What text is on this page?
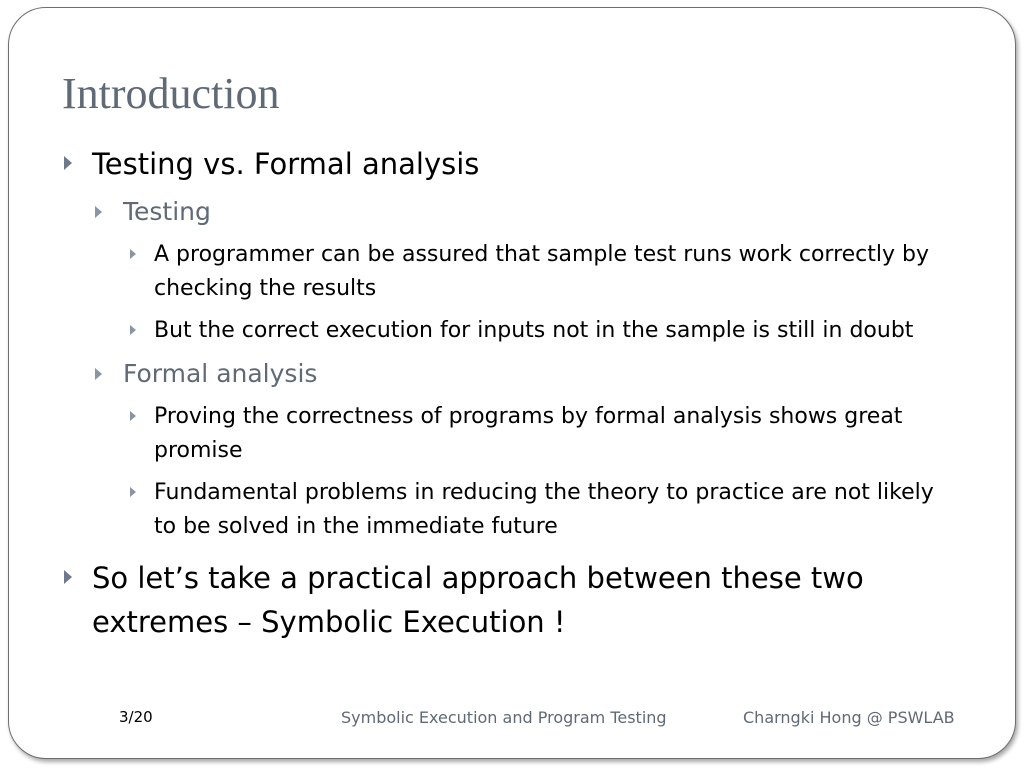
Introduction
Testing vs. Formal analysis
Testing
A programmer can be assured that sample test runs work correctly by checking the results
But the correct execution for inputs not in the sample is still in doubt
Formal analysis
Proving the correctness of programs by formal analysis shows great promise
Fundamental problems in reducing the theory to practice are not likely to be solved in the immediate future
So let’s take a practical approach between these two extremes – Symbolic Execution !
3/20	Symbolic Execution and Program Testing	Charngki Hong @ PSWLAB
